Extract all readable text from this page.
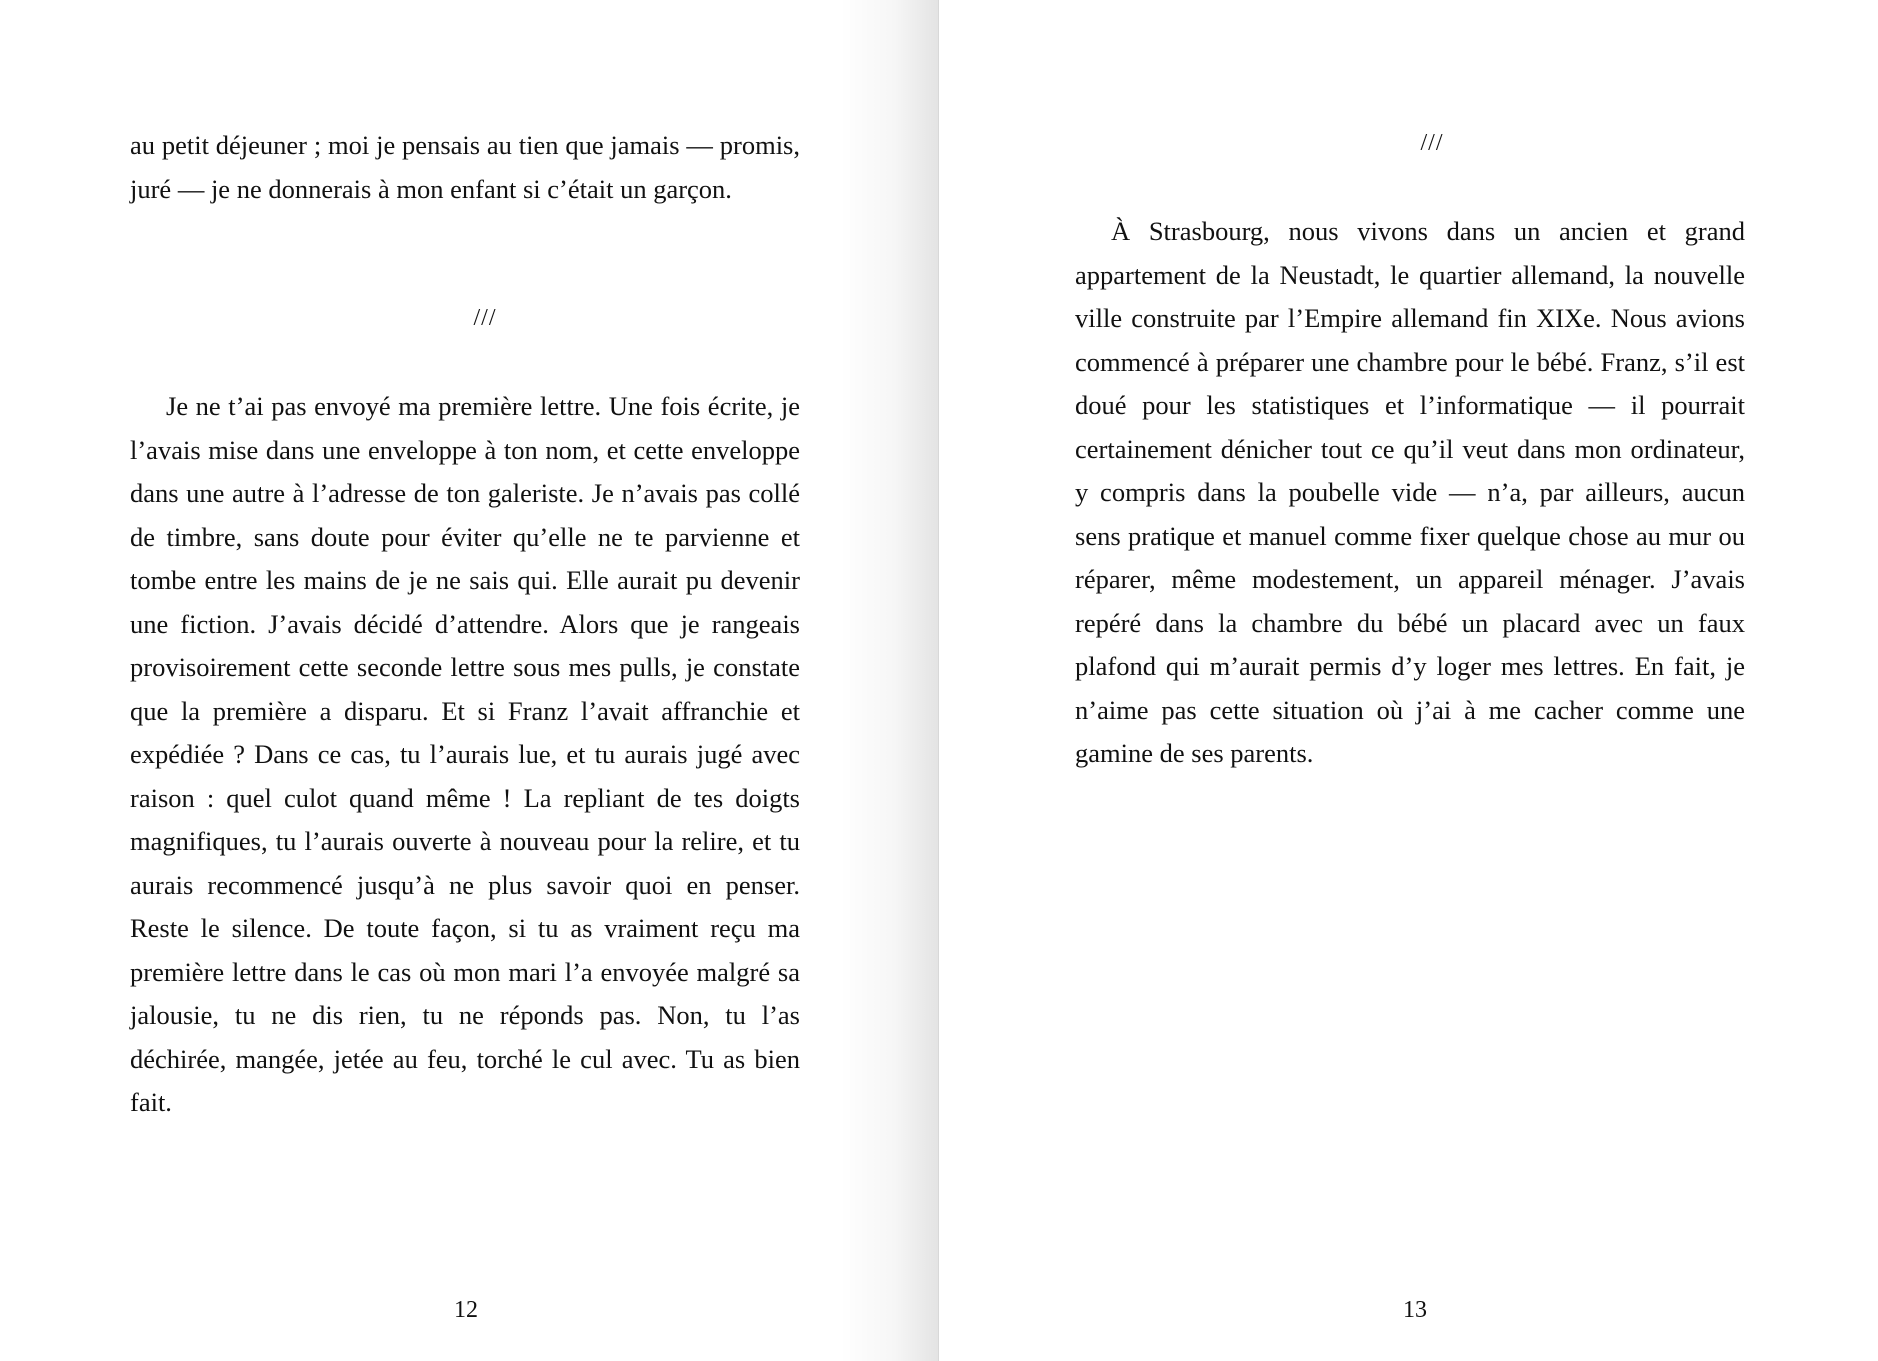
au petit déjeuner ; moi je pensais au tien que jamais — promis, juré — je ne donnerais à mon enfant si c’était un garçon.

///

Je ne t’ai pas envoyé ma première lettre. Une fois écrite, je l’avais mise dans une enveloppe à ton nom, et cette enveloppe dans une autre à l’adresse de ton galeriste. Je n’avais pas collé de timbre, sans doute pour éviter qu’elle ne te parvienne et tombe entre les mains de je ne sais qui. Elle aurait pu devenir une fiction. J’avais décidé d’attendre. Alors que je rangeais provisoirement cette seconde lettre sous mes pulls, je constate que la première a disparu. Et si Franz l’avait affranchie et expédiée ? Dans ce cas, tu l’aurais lue, et tu aurais jugé avec raison : quel culot quand même ! La repliant de tes doigts magnifiques, tu l’aurais ouverte à nouveau pour la relire, et tu aurais recommencé jusqu’à ne plus savoir quoi en penser. Reste le silence. De toute façon, si tu as vraiment reçu ma première lettre dans le cas où mon mari l’a envoyée malgré sa jalousie, tu ne dis rien, tu ne réponds pas. Non, tu l’as déchirée, mangée, jetée au feu, torché le cul avec. Tu as bien fait.

12
///

À Strasbourg, nous vivons dans un ancien et grand appartement de la Neustadt, le quartier allemand, la nouvelle ville construite par l’Empire allemand fin XIXe. Nous avions commencé à préparer une chambre pour le bébé. Franz, s’il est doué pour les statistiques et l’informatique — il pourrait certainement dénicher tout ce qu’il veut dans mon ordinateur, y compris dans la poubelle vide — n’a, par ailleurs, aucun sens pratique et manuel comme fixer quelque chose au mur ou réparer, même modestement, un appareil ménager. J’avais repéré dans la chambre du bébé un placard avec un faux plafond qui m’aurait permis d’y loger mes lettres. En fait, je n’aime pas cette situation où j’ai à me cacher comme une gamine de ses parents.

13
